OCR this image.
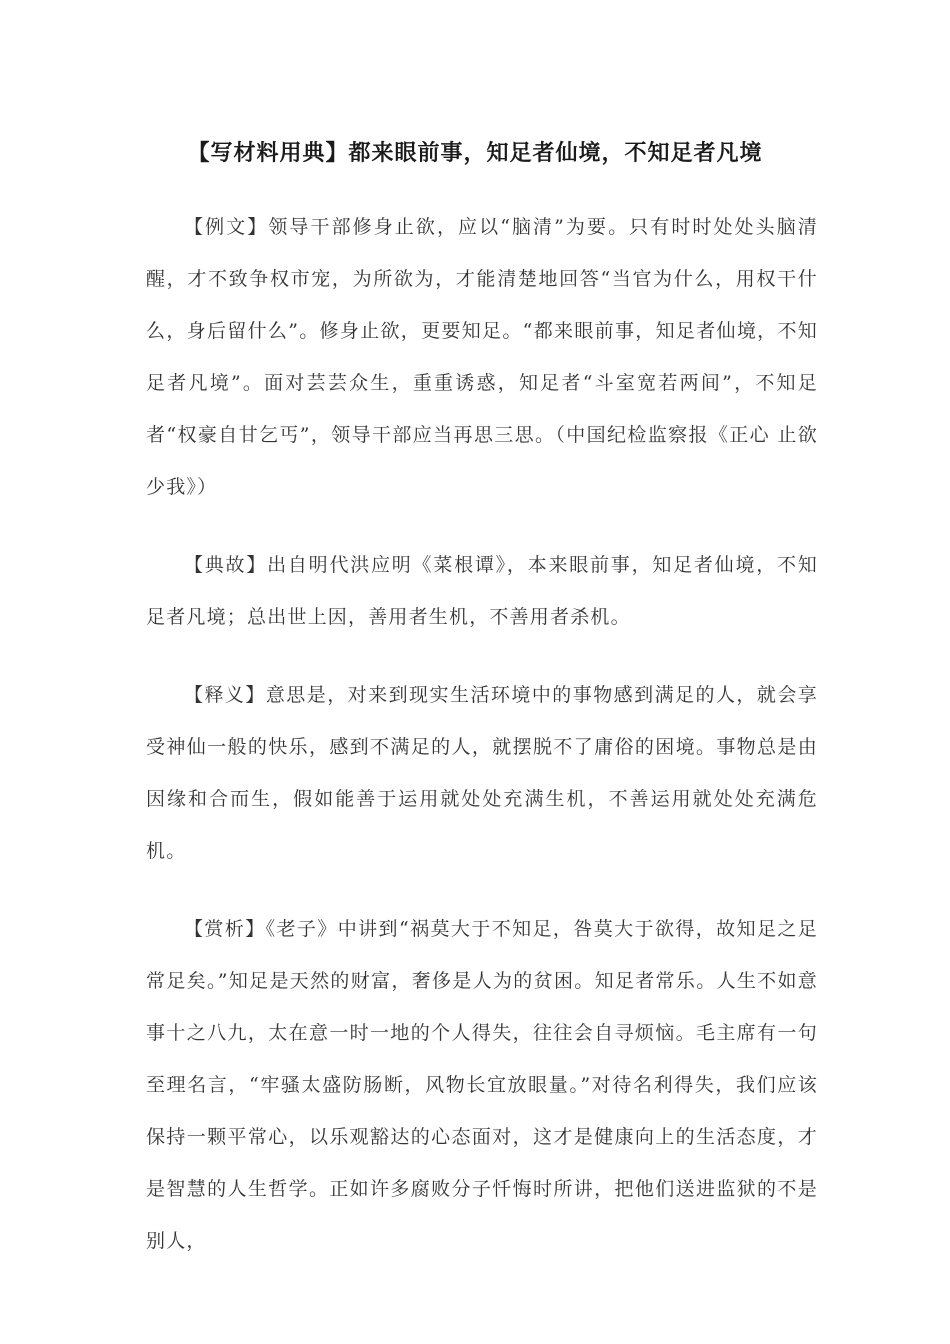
【写材料用典】都来眼前事，知足者仙境，不知足者凡境

【例文】领导干部修身止欲，应以“脑清”为要。只有时时处处头脑清醒，才不致争权市宠，为所欲为，才能清楚地回答“当官为什么，用权干什么，身后留什么”。修身止欲，更要知足。“都来眼前事，知足者仙境，不知足者凡境”。面对芸芸众生，重重诱惑，知足者“斗室宽若两间”，不知足者“权豪自甘乞丐”，领导干部应当再思三思。（中国纪检监察报《正心 止欲 少我》）

【典故】出自明代洪应明《菜根谭》，本来眼前事，知足者仙境，不知足者凡境；总出世上因，善用者生机，不善用者杀机。

【释义】意思是，对来到现实生活环境中的事物感到满足的人，就会享受神仙一般的快乐，感到不满足的人，就摆脱不了庸俗的困境。事物总是由因缘和合而生，假如能善于运用就处处充满生机，不善运用就处处充满危机。

【赏析】《老子》中讲到“祸莫大于不知足，咎莫大于欲得，故知足之足常足矣。”知足是天然的财富，奢侈是人为的贫困。知足者常乐。人生不如意事十之八九，太在意一时一地的个人得失，往往会自寻烦恼。毛主席有一句至理名言，“牢骚太盛防肠断，风物长宜放眼量。”对待名利得失，我们应该保持一颗平常心，以乐观豁达的心态面对，这才是健康向上的生活态度，才是智慧的人生哲学。正如许多腐败分子忏悔时所讲，把他们送进监狱的不是别人，
